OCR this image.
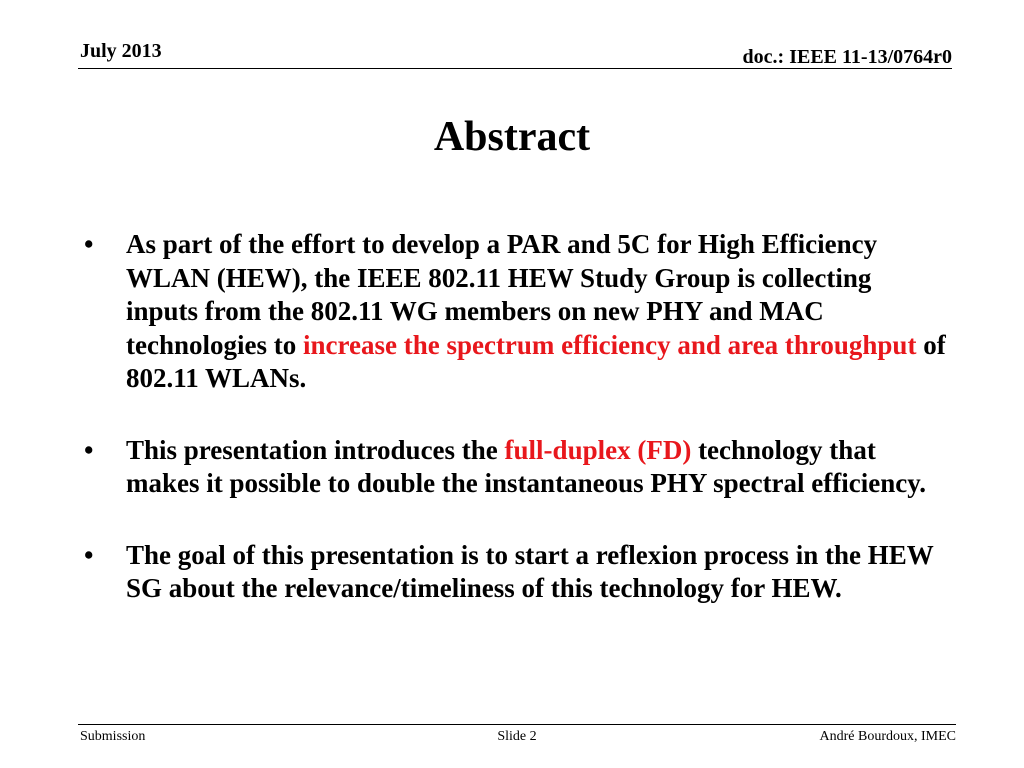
July 2013	doc.: IEEE 11-13/0764r0
Abstract
• As part of the effort to develop a PAR and 5C for High Efficiency WLAN (HEW), the IEEE 802.11 HEW Study Group is collecting inputs from the 802.11 WG members on new PHY and MAC technologies to increase the spectrum efficiency and area throughput of 802.11 WLANs.
• This presentation introduces the full-duplex (FD) technology that makes it possible to double the instantaneous PHY spectral efficiency.
• The goal of this presentation is to start a reflexion process in the HEW SG about the relevance/timeliness of this technology for HEW.
Submission	Slide 2	André Bourdoux, IMEC
